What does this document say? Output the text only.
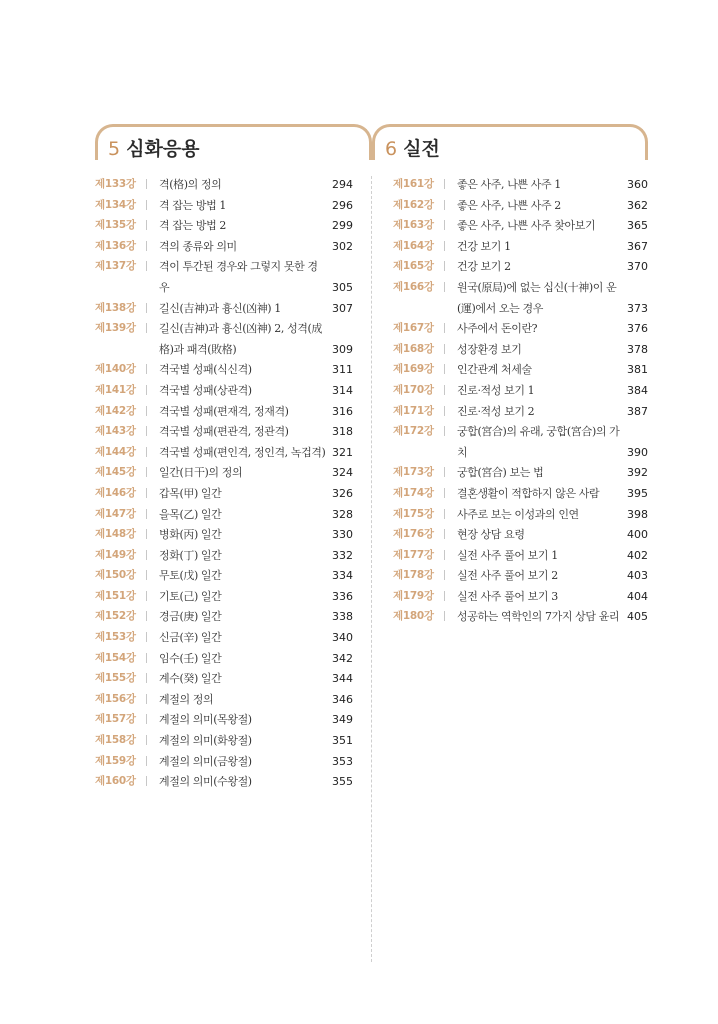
5 심화응용	6 실전
제133강 격(格)의 정의	294
제134강 격 잡는 방법 1	296
제135강 격 잡는 방법 2	299
제136강 격의 종류와 의미	302
제137강 격이 투간된 경우와 그렇지 못한 경우	305
제138강 길신(吉神)과 흉신(凶神) 1	307
제139강 길신(吉神)과 흉신(凶神) 2, 성격(成格)과 패격(敗格)	309
제140강 격국별 성패(식신격)	311
제141강 격국별 성패(상관격)	314
제142강 격국별 성패(편재격, 정재격)	316
제143강 격국별 성패(편관격, 정관격)	318
제144강 격국별 성패(편인격, 정인격, 녹겁격) 321
제145강 일간(日干)의 정의	324
제146강 갑목(甲) 일간	326
제147강 을목(乙) 일간	328
제148강 병화(丙) 일간	330
제149강 정화(丁) 일간	332
제150강 무토(戊) 일간	334
제151강 기토(己) 일간	336
제152강 경금(庚) 일간	338
제153강 신금(辛) 일간	340
제154강 임수(壬) 일간	342
제155강 계수(癸) 일간	344
제156강 계절의 정의	346
제157강 계절의 의미(목왕절)	349
제158강 계절의 의미(화왕절)	351
제159강 계절의 의미(금왕절)	353
제160강 계절의 의미(수왕절)	355
제161강 좋은 사주, 나쁜 사주 1	360
제162강 좋은 사주, 나쁜 사주 2	362
제163강 좋은 사주, 나쁜 사주 찾아보기	365
제164강 건강 보기 1	367
제165강 건강 보기 2	370
제166강 원국(原局)에 없는 십신(十神)이 운(運)에서 오는 경우	373
제167강 사주에서 돈이란?	376
제168강 성장환경 보기	378
제169강 인간관계 처세술	381
제170강 진로·적성 보기 1	384
제171강 진로·적성 보기 2	387
제172강 궁합(宮合)의 유래, 궁합(宮合)의 가치	390
제173강 궁합(宮合) 보는 법	392
제174강 결혼생활이 적합하지 않은 사람	395
제175강 사주로 보는 이성과의 인연	398
제176강 현장 상담 요령	400
제177강 실전 사주 풀어 보기 1	402
제178강 실전 사주 풀어 보기 2	403
제179강 실전 사주 풀어 보기 3	404
제180강 성공하는 역학인의 7가지 상담 윤리 405
